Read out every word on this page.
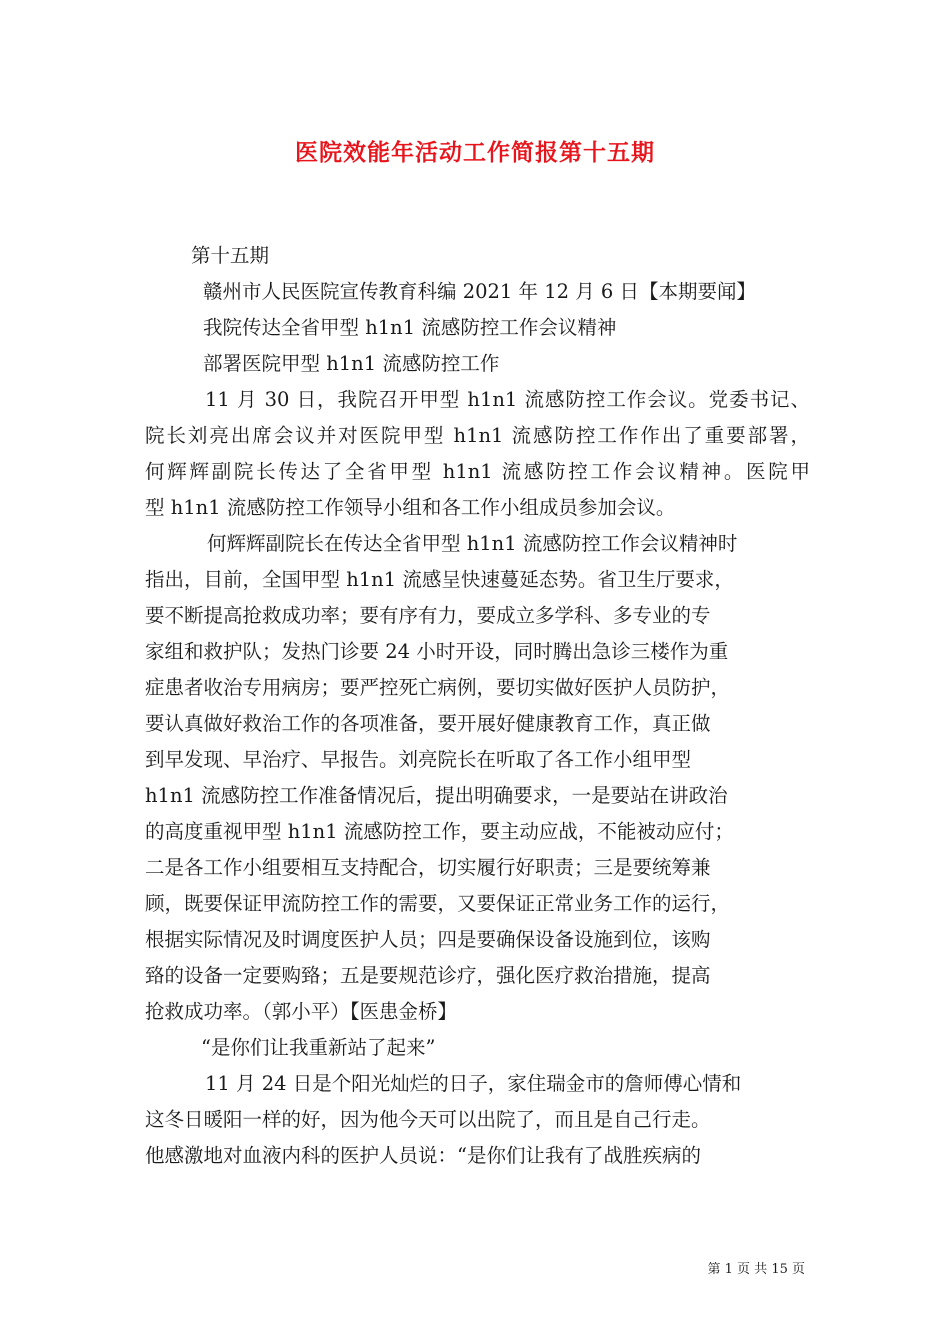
医院效能年活动工作简报第十五期
第十五期
赣州市人民医院宣传教育科编 2021 年 12 月 6 日【本期要闻】
我院传达全省甲型 h1n1 流感防控工作会议精神
部署医院甲型 h1n1 流感防控工作
11 月 30 日，我院召开甲型 h1n1 流感防控工作会议。党委书记、
院长刘亮出席会议并对医院甲型 h1n1 流感防控工作作出了重要部署，
何辉辉副院长传达了全省甲型 h1n1 流感防控工作会议精神。医院甲
型 h1n1 流感防控工作领导小组和各工作小组成员参加会议。
何辉辉副院长在传达全省甲型 h1n1 流感防控工作会议精神时
指出，目前，全国甲型 h1n1 流感呈快速蔓延态势。省卫生厅要求，
要不断提高抢救成功率；要有序有力，要成立多学科、多专业的专
家组和救护队；发热门诊要 24 小时开设，同时腾出急诊三楼作为重
症患者收治专用病房；要严控死亡病例，要切实做好医护人员防护，
要认真做好救治工作的各项准备，要开展好健康教育工作，真正做
到早发现、早治疗、早报告。刘亮院长在听取了各工作小组甲型
h1n1 流感防控工作准备情况后，提出明确要求，一是要站在讲政治
的高度重视甲型 h1n1 流感防控工作，要主动应战，不能被动应付；
二是各工作小组要相互支持配合，切实履行好职责；三是要统筹兼
顾，既要保证甲流防控工作的需要，又要保证正常业务工作的运行，
根据实际情况及时调度医护人员；四是要确保设备设施到位，该购
臵的设备一定要购臵；五是要规范诊疗，强化医疗救治措施，提高
抢救成功率。（郭小平）【医患金桥】
“是你们让我重新站了起来”
11 月 24 日是个阳光灿烂的日子，家住瑞金市的詹师傅心情和
这冬日暖阳一样的好，因为他今天可以出院了，而且是自己行走。
他感激地对血液内科的医护人员说：“是你们让我有了战胜疾病的
第 1 页 共 15 页
